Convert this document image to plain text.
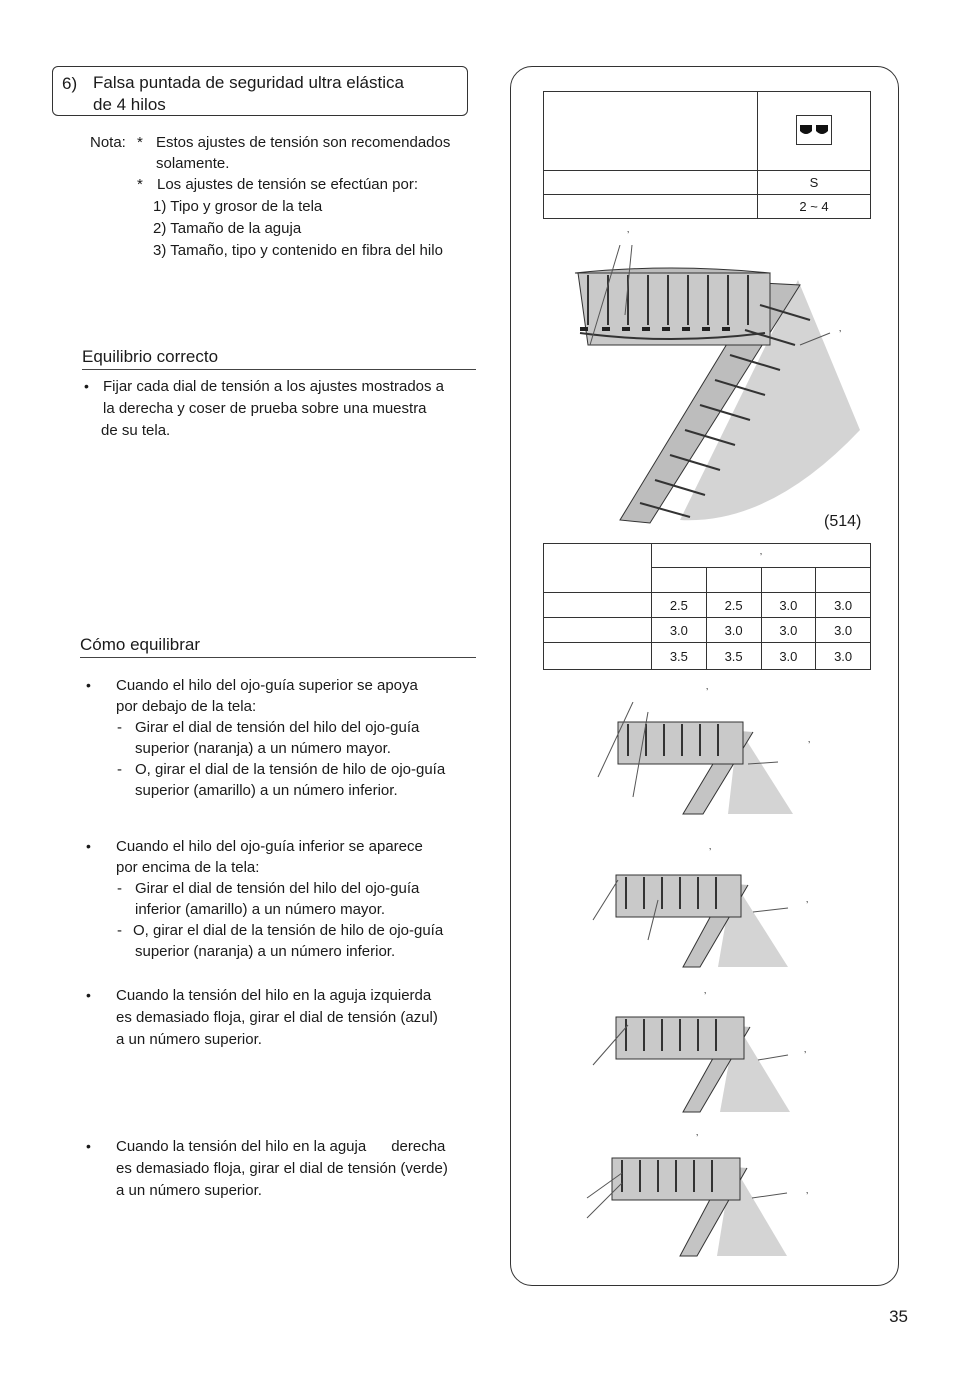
6) Falsa puntada de seguridad ultra elástica
de 4 hilos
Nota: * Estos ajustes de tensión son recomendados
solamente.
* Los ajustes de tensión se efectúan por:
1) Tipo y grosor de la tela
2) Tamaño de la aguja
3) Tamaño, tipo y contenido en fibra del hilo
Equilibrio correcto
• Fijar cada dial de tensión a los ajustes mostrados a
la derecha y coser de prueba sobre una muestra
de su tela.
Cómo equilibrar
• Cuando el hilo del ojo-guía superior se apoya
por debajo de la tela:
- Girar el dial de tensión del hilo del ojo-guía
superior (naranja) a un número mayor.
- O, girar el dial de la tensión de hilo de ojo-guía
superior (amarillo) a un número inferior.
• Cuando el hilo del ojo-guía inferior se aparece
por encima de la tela:
- Girar el dial de tensión del hilo del ojo-guía
inferior (amarillo) a un número mayor.
- O, girar el dial de la tensión de hilo de ojo-guía
superior (naranja) a un número inferior.
• Cuando la tensión del hilo en la aguja izquierda
es demasiado floja, girar el dial de tensión (azul)
a un número superior.
• Cuando la tensión del hilo en la aguja      derecha
es demasiado floja, girar el dial de tensión (verde)
a un número superior.

	S
	2 ~ 4
’
’
(514)
	’			

	2.5	2.5	3.0	3.0
	3.0	3.0	3.0	3.0
	3.5	3.5	3.0	3.0
’
’
’
’
’
’
’
’
35
